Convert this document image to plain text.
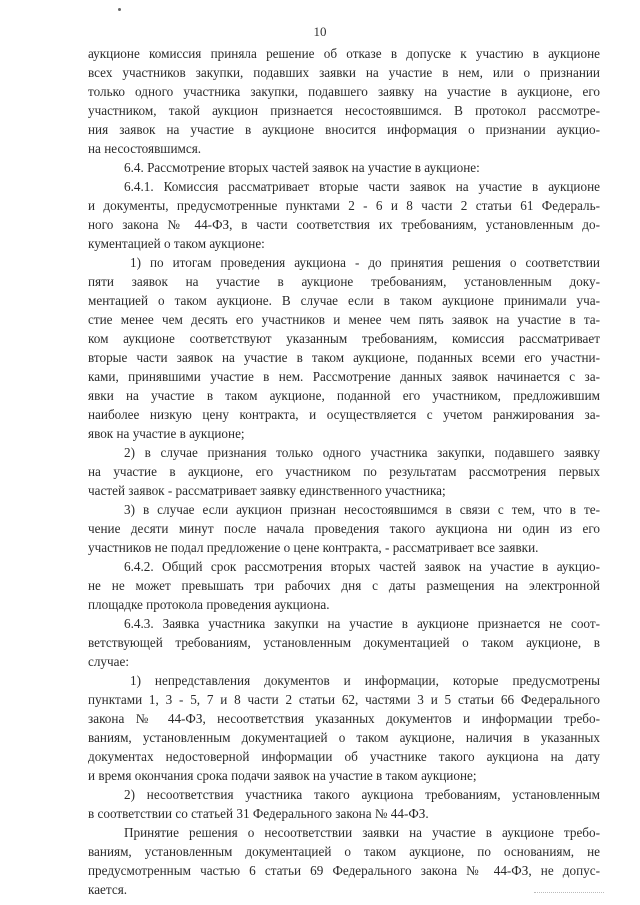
10
аукционе комиссия приняла решение об отказе в допуске к участию в аукционе
всех участников закупки, подавших заявки на участие в нем, или о признании
только одного участника закупки, подавшего заявку на участие в аукционе, его
участником, такой аукцион признается несостоявшимся. В протокол рассмотре-
ния заявок на участие в аукционе вносится информация о признании аукцио-
на несостоявшимся.
6.4. Рассмотрение вторых частей заявок на участие в аукционе:
6.4.1. Комиссия рассматривает вторые части заявок на участие в аукционе
и документы, предусмотренные пунктами 2 - 6 и 8 части 2 статьи 61 Федераль-
ного закона № 44-ФЗ, в части соответствия их требованиям, установленным до-
кументацией о таком аукционе:
1) по итогам проведения аукциона - до принятия решения о соответствии
пяти заявок на участие в аукционе требованиям, установленным доку-
ментацией о таком аукционе. В случае если в таком аукционе принимали уча-
стие менее чем десять его участников и менее чем пять заявок на участие в та-
ком аукционе соответствуют указанным требованиям, комиссия рассматривает
вторые части заявок на участие в таком аукционе, поданных всеми его участни-
ками, принявшими участие в нем. Рассмотрение данных заявок начинается с за-
явки на участие в таком аукционе, поданной его участником, предложившим
наиболее низкую цену контракта, и осуществляется с учетом ранжирования за-
явок на участие в аукционе;
2) в случае признания только одного участника закупки, подавшего заявку
на участие в аукционе, его участником по результатам рассмотрения первых
частей заявок - рассматривает заявку единственного участника;
3) в случае если аукцион признан несостоявшимся в связи с тем, что в те-
чение десяти минут после начала проведения такого аукциона ни один из его
участников не подал предложение о цене контракта, - рассматривает все заявки.
6.4.2. Общий срок рассмотрения вторых частей заявок на участие в аукцио-
не не может превышать три рабочих дня с даты размещения на электронной
площадке протокола проведения аукциона.
6.4.3. Заявка участника закупки на участие в аукционе признается не соот-
ветствующей требованиям, установленным документацией о таком аукционе, в
случае:
1) непредставления документов и информации, которые предусмотрены
пунктами 1, 3 - 5, 7 и 8 части 2 статьи 62, частями 3 и 5 статьи 66 Федерального
закона № 44-ФЗ, несоответствия указанных документов и информации требо-
ваниям, установленным документацией о таком аукционе, наличия в указанных
документах недостоверной информации об участнике такого аукциона на дату
и время окончания срока подачи заявок на участие в таком аукционе;
2) несоответствия участника такого аукциона требованиям, установленным
в соответствии со статьей 31 Федерального закона № 44-ФЗ.
Принятие решения о несоответствии заявки на участие в аукционе требо-
ваниям, установленным документацией о таком аукционе, по основаниям, не
предусмотренным частью 6 статьи 69 Федерального закона № 44-ФЗ, не допус-
кается.
